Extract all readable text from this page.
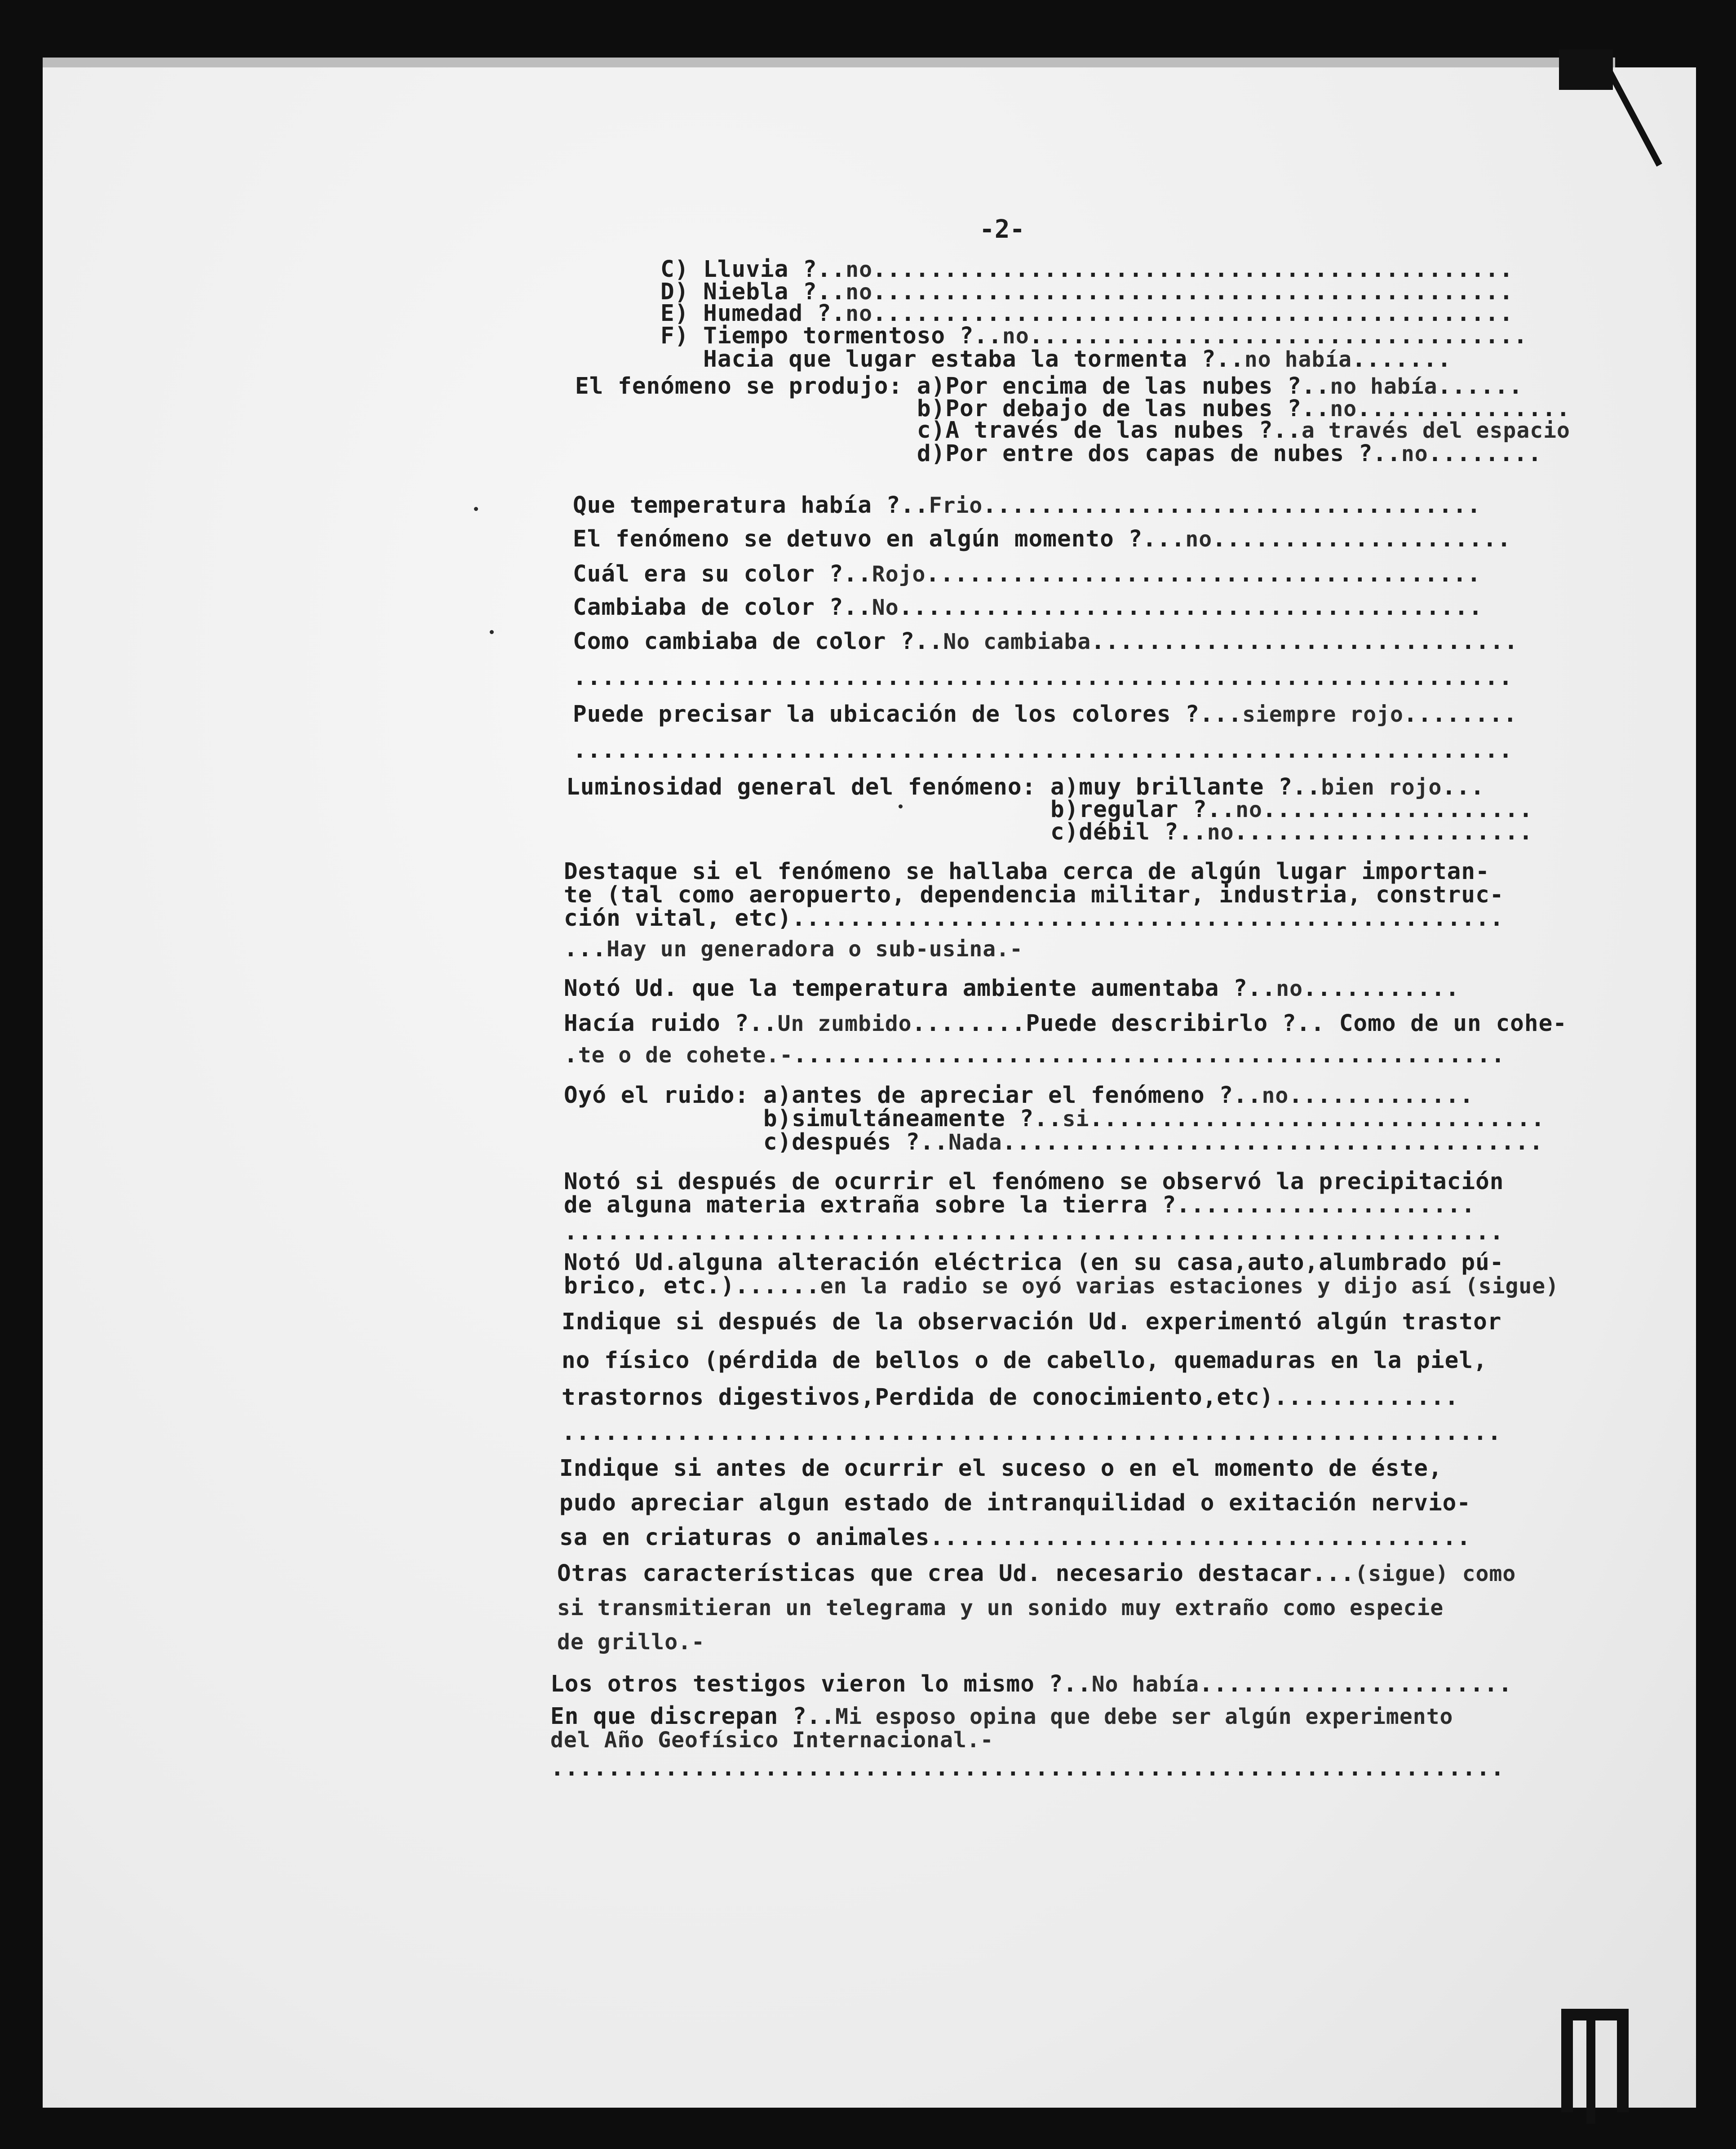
-2-
C) Lluvia ?..no.............................................
D) Niebla ?..no.............................................
E) Humedad ?.no.............................................
F) Tiempo tormentoso ?..no...................................
Hacia que lugar estaba la tormenta ?..no había.......
El fenómeno se produjo: a)Por encima de las nubes ?..no había......
b)Por debajo de las nubes ?..no...............
c)A través de las nubes ?..a través del espacio
d)Por entre dos capas de nubes ?..no........
Que temperatura había ?..Frio...................................
El fenómeno se detuvo en algún momento ?...no.....................
Cuál era su color ?..Rojo.......................................
Cambiaba de color ?..No.........................................
Como cambiaba de color ?..No cambiaba..............................
..................................................................
Puede precisar la ubicación de los colores ?...siempre rojo........
..................................................................
Luminosidad general del fenómeno: a)muy brillante ?..bien rojo...
b)regular ?..no...................
c)débil ?..no.....................
Destaque si el fenómeno se hallaba cerca de algún lugar importan-
te (tal como aeropuerto, dependencia militar, industria, construc-
ción vital, etc)..................................................
...Hay un generadora o sub-usina.-
Notó Ud. que la temperatura ambiente aumentaba ?..no...........
Hacía ruido ?..Un zumbido........Puede describirlo ?.. Como de un cohe-
.te o de cohete.-..................................................
Oyó el ruido: a)antes de apreciar el fenómeno ?..no.............
b)simultáneamente ?..si................................
c)después ?..Nada......................................
Notó si después de ocurrir el fenómeno se observó la precipitación
de alguna materia extraña sobre la tierra ?.....................
..................................................................
Notó Ud.alguna alteración eléctrica (en su casa,auto,alumbrado pú-
brico, etc.)......en la radio se oyó varias estaciones y dijo así (sigue)
Indique si después de la observación Ud. experimentó algún trastor
no físico (pérdida de bellos o de cabello, quemaduras en la piel,
trastornos digestivos,Perdida de conocimiento,etc).............
..................................................................
Indique si antes de ocurrir el suceso o en el momento de éste,
pudo apreciar algun estado de intranquilidad o exitación nervio-
sa en criaturas o animales......................................
Otras características que crea Ud. necesario destacar...(sigue) como
si transmitieran un telegrama y un sonido muy extraño como especie
de grillo.-
Los otros testigos vieron lo mismo ?..No había......................
En que discrepan ?..Mi esposo opina que debe ser algún experimento
del Año Geofísico Internacional.-
...................................................................
